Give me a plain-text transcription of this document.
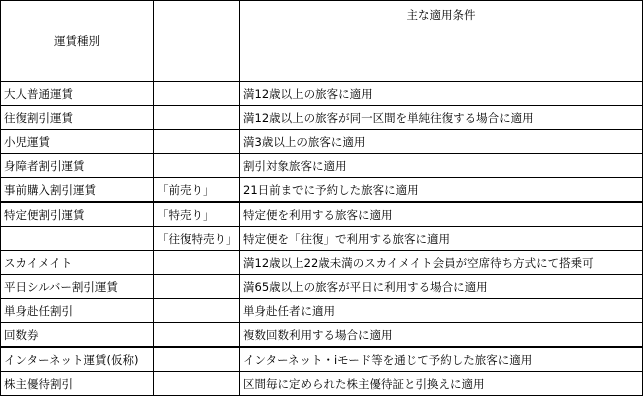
運賃種別		主な適用条件
大人普通運賃		満12歳以上の旅客に適用
往復割引運賃		満12歳以上の旅客が同一区間を単純往復する場合に適用
小児運賃		満3歳以上の旅客に適用
身障者割引運賃		割引対象旅客に適用
事前購入割引運賃	「前売り」	21日前までに予約した旅客に適用
特定便割引運賃	「特売り」	特定便を利用する旅客に適用
	「往復特売り」	特定便を「往復」で利用する旅客に適用
スカイメイト		満12歳以上22歳未満のスカイメイト会員が空席待ち方式にて搭乗可
平日シルバー割引運賃		満65歳以上の旅客が平日に利用する場合に適用
単身赴任割引		単身赴任者に適用
回数券		複数回数利用する場合に適用
インターネット運賃(仮称)		インターネット・iモード等を通じて予約した旅客に適用
株主優待割引		区間毎に定められた株主優待証と引換えに適用
